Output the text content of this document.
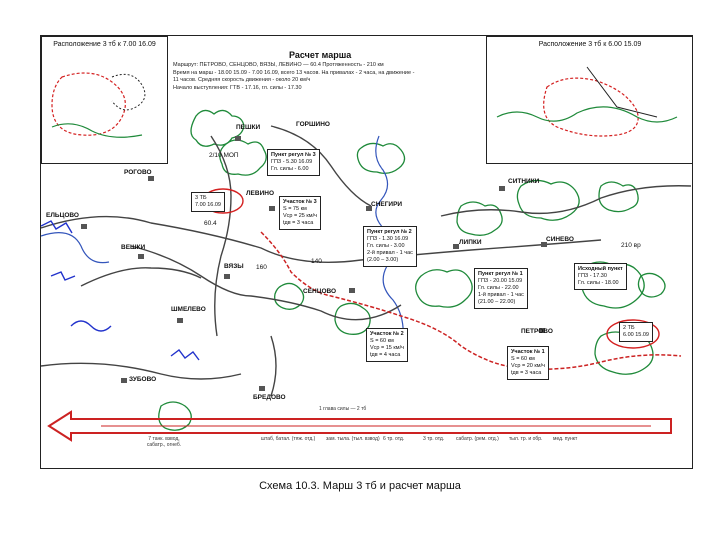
Расположение 3 тб к 7.00 16.09	Расположение 3 тб к 6.00 15.09
Расчет марша
Маршрут: ПЕТРОВО, СЕНЦОВО, ВЯЗЫ, ЛЕВИНО — 60.4 Протяженность - 210 км
Время на марш - 18.00 15.09 - 7.00 16.09, всего 13 часов. На привалах - 2 часа, на движение -
11 часов. Средняя скорость движения - около 20 км/ч
Начало выступления: ГТВ - 17.16, гл. силы - 17.30
ПЕШКИ	ГОРШИНО
РОГОВО
ЛЕВИНО
ЕЛЬЦОВО
ВЕШКИ
ВЯЗЫ
СЕНЦОВО
ШМЕЛЕВО
ЗУБОВО
БРЕДОВО
СНЕГИРИ
СИТНИКИ
ЛИПКИ	СИНЕВО
ПЕТРОВО
3 ТБ
7.00 16.09
2 ТБ
6.00 15.09
2/10 МОП
60.4
140
160
210 вр
Пункт регул № 3
ГПЗ - 5.30 16.09
Гл. силы - 6.00
Участок № 3
S = 75 км
Vср = 25 км/ч
tдв = 3 часа
Пункт регул № 2
ГПЗ - 1.30 16.09
Гл. силы - 3.00
2-й привал - 1 час
(2.00 – 3.00)
Пункт регул № 1
ГПЗ - 20.00 15.09
Гл. силы - 22.00
1-й привал - 1 час
(21.00 – 22.00)
Исходный пункт
ГПЗ - 17.30
Гл. силы - 18.00
Участок № 2
S = 60 км
Vср = 15 км/ч
tдв = 4 часа	Участок № 1
S = 60 км
Vср = 20 км/ч
tдв = 3 часа
1 глава силы — 2 тб
7 танк. взвод, сабатр., огнеб.
штаб, батал. (тяж. отд.) зам. тыла. (тыл. взвод) 6 тр. отд.	3 тр. отд. сабатр. (рем. отд.) тыл. тр. и обр. мед. пункт
Схема 10.3. Марш 3 тб и расчет марша
